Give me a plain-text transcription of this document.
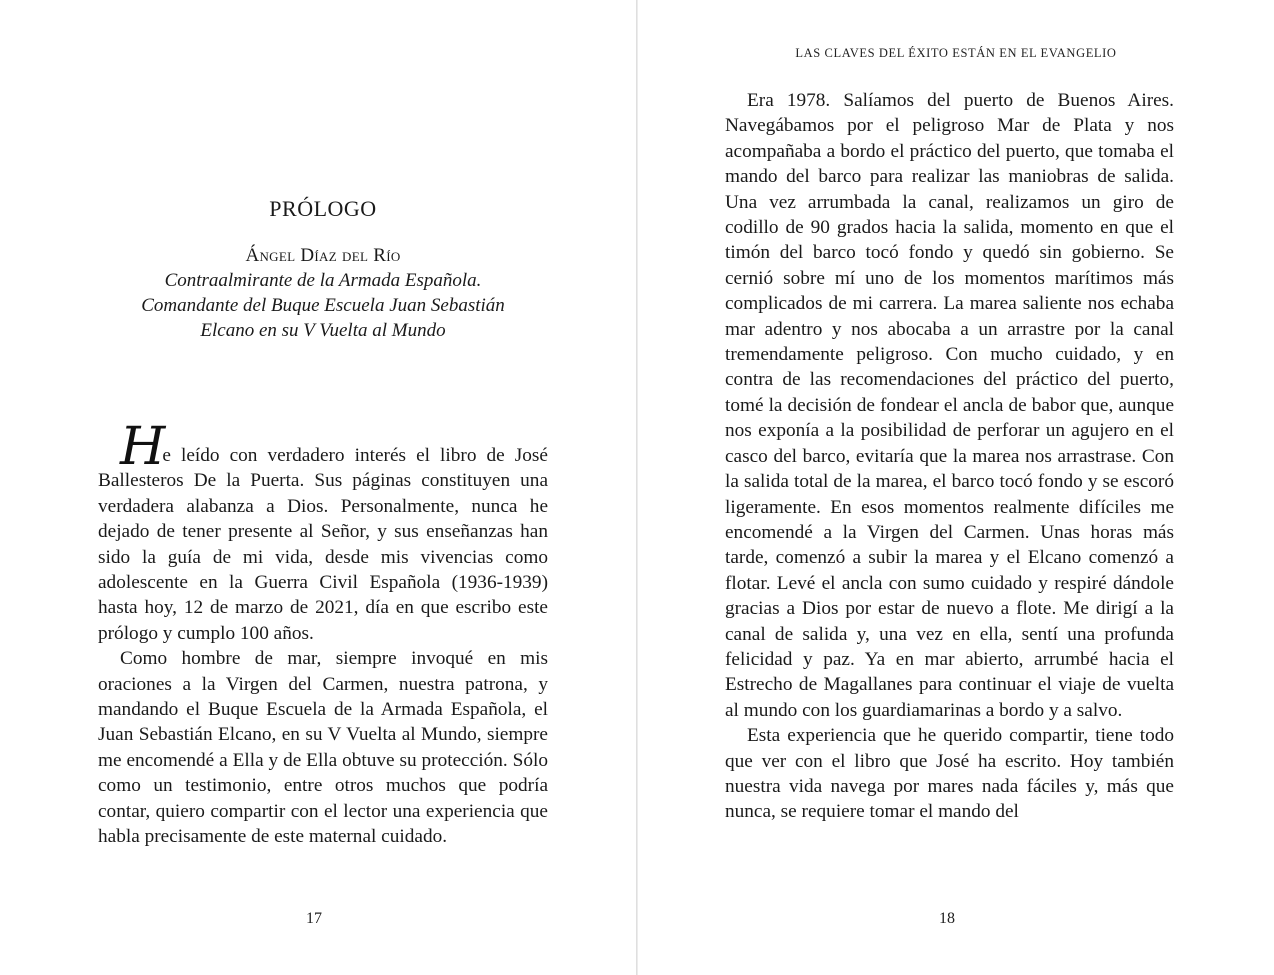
PRÓLOGO
Ángel Díaz del Río
Contraalmirante de la Armada Española.
Comandante del Buque Escuela Juan Sebastián
Elcano en su V Vuelta al Mundo

He leído con verdadero interés el libro de José Ballesteros De la Puerta. Sus páginas constituyen una verdadera alabanza a Dios. Personalmente, nunca he dejado de tener presente al Señor, y sus enseñanzas han sido la guía de mi vida, desde mis vivencias como adolescente en la Guerra Civil Española (1936-1939) hasta hoy, 12 de marzo de 2021, día en que escribo este prólogo y cumplo 100 años.

Como hombre de mar, siempre invoqué en mis oraciones a la Virgen del Carmen, nuestra patrona, y mandando el Buque Escuela de la Armada Española, el Juan Sebastián Elcano, en su V Vuelta al Mundo, siempre me encomendé a Ella y de Ella obtuve su protección. Sólo como un testimonio, entre otros muchos que podría contar, quiero compartir con el lector una experiencia que habla precisamente de este maternal cuidado.

17
LAS CLAVES DEL ÉXITO ESTÁN EN EL EVANGELIO

Era 1978. Salíamos del puerto de Buenos Aires. Navegábamos por el peligroso Mar de Plata y nos acompañaba a bordo el práctico del puerto, que tomaba el mando del barco para realizar las maniobras de salida. Una vez arrumbada la canal, realizamos un giro de codillo de 90 grados hacia la salida, momento en que el timón del barco tocó fondo y quedó sin gobierno. Se cernió sobre mí uno de los momentos marítimos más complicados de mi carrera. La marea saliente nos echaba mar adentro y nos abocaba a un arrastre por la canal tremendamente peligroso. Con mucho cuidado, y en contra de las recomendaciones del práctico del puerto, tomé la decisión de fondear el ancla de babor que, aunque nos exponía a la posibilidad de perforar un agujero en el casco del barco, evitaría que la marea nos arrastrase. Con la salida total de la marea, el barco tocó fondo y se escoró ligeramente. En esos momentos realmente difíciles me encomendé a la Virgen del Carmen. Unas horas más tarde, comenzó a subir la marea y el Elcano comenzó a flotar. Levé el ancla con sumo cuidado y respiré dándole gracias a Dios por estar de nuevo a flote. Me dirigí a la canal de salida y, una vez en ella, sentí una profunda felicidad y paz. Ya en mar abierto, arrumbé hacia el Estrecho de Magallanes para continuar el viaje de vuelta al mundo con los guardiamarinas a bordo y a salvo.

Esta experiencia que he querido compartir, tiene todo que ver con el libro que José ha escrito. Hoy también nuestra vida navega por mares nada fáciles y, más que nunca, se requiere tomar el mando del

18
